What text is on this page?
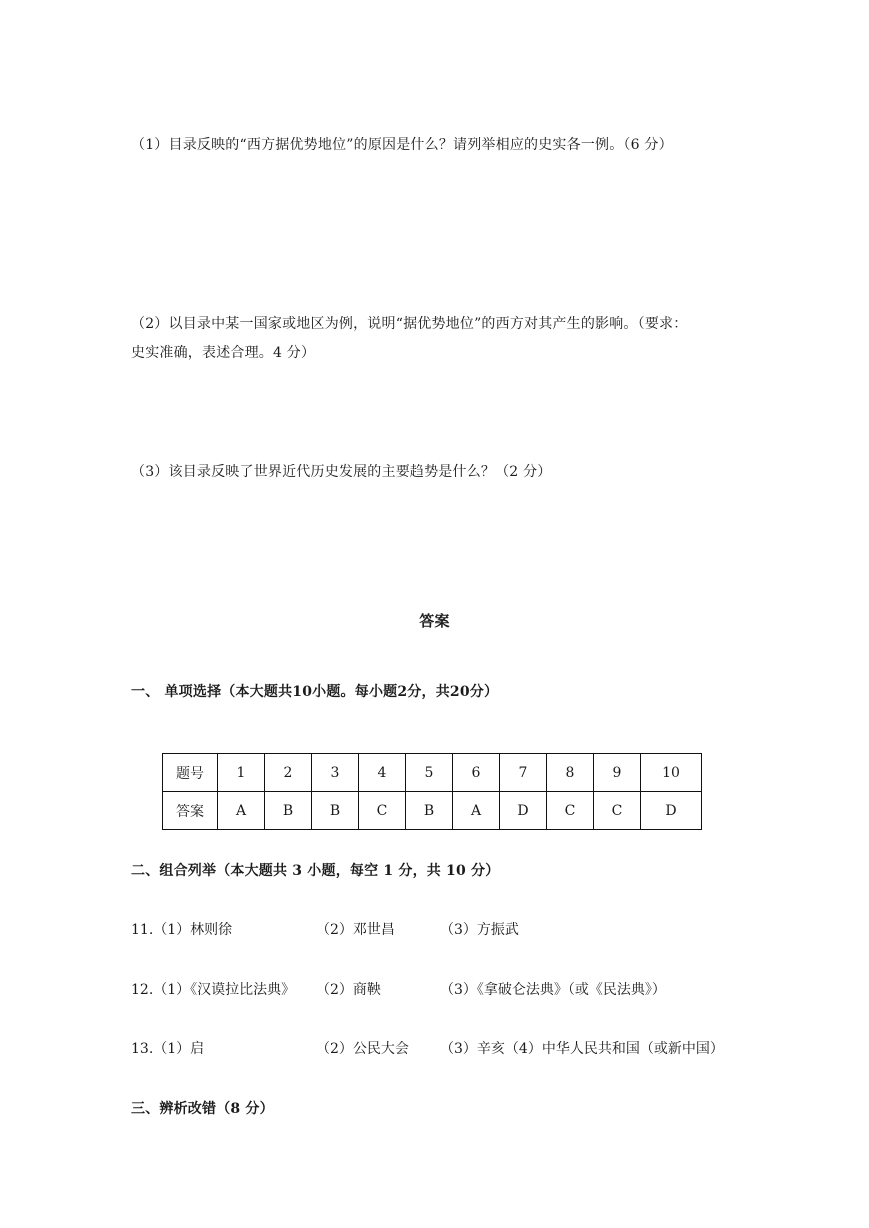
（1）目录反映的“西方据优势地位”的原因是什么？请列举相应的史实各一例。（6 分）
（2）以目录中某一国家或地区为例，说明“据优势地位”的西方对其产生的影响。（要求：
史实准确，表述合理。4 分）
（3）该目录反映了世界近代历史发展的主要趋势是什么？（2 分）
答案
一、 单项选择（本大题共10小题。每小题2分，共20分）
题号	1	2	3	4	5	6	7	8	9	10
答案	A	B	B	C	B	A	D	C	C	D
二、组合列举（本大题共 3 小题，每空 1 分，共 10 分）
11.（1）林则徐	（2）邓世昌	（3）方振武
12.（1）《汉谟拉比法典》 （2）商鞅	（3）《拿破仑法典》（或《民法典》）
13.（1）启	（2）公民大会 （3）辛亥（4）中华人民共和国（或新中国）
三、辨析改错（8 分）
